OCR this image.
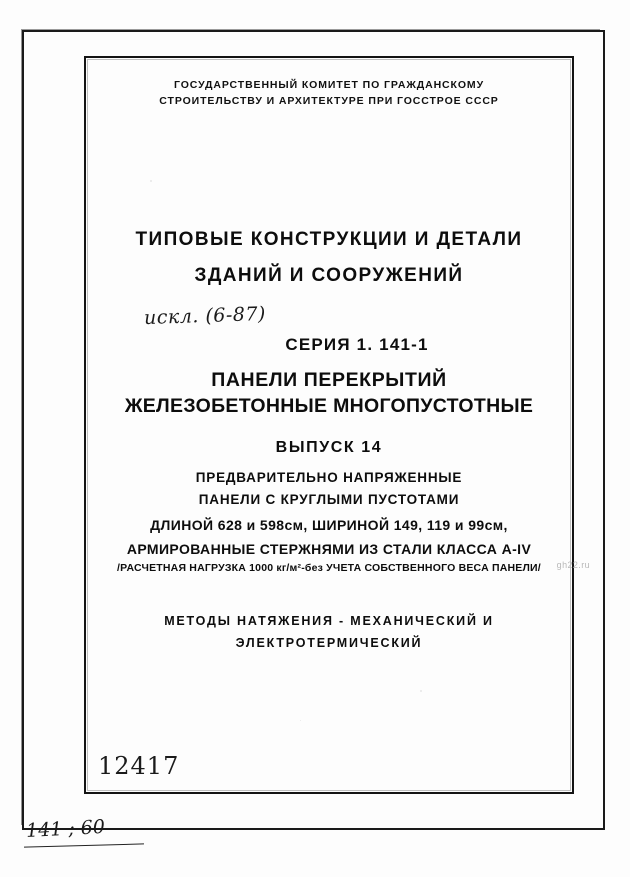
ГОСУДАРСТВЕННЫЙ КОМИТЕТ ПО ГРАЖДАНСКОМУ
СТРОИТЕЛЬСТВУ И АРХИТЕКТУРЕ ПРИ ГОССТРОЕ СССР
ТИПОВЫЕ КОНСТРУКЦИИ И ДЕТАЛИ
ЗДАНИЙ И СООРУЖЕНИЙ
СЕРИЯ 1. 141-1
ПАНЕЛИ ПЕРЕКРЫТИЙ
ЖЕЛЕЗОБЕТОННЫЕ МНОГОПУСТОТНЫЕ
ВЫПУСК 14
ПРЕДВАРИТЕЛЬНО НАПРЯЖЕННЫЕ
ПАНЕЛИ С КРУГЛЫМИ ПУСТОТАМИ
ДЛИНОЙ 628 и 598см, ШИРИНОЙ 149, 119 и 99см,
АРМИРОВАННЫЕ СТЕРЖНЯМИ ИЗ СТАЛИ КЛАССА А-IV
/РАСЧЕТНАЯ НАГРУЗКА 1000 кг/м²-без УЧЕТА СОБСТВЕННОГО ВЕСА ПАНЕЛИ/
МЕТОДЫ НАТЯЖЕНИЯ - МЕХАНИЧЕСКИЙ И
ЭЛЕКТРОТЕРМИЧЕСКИЙ
искл. (6-87)
12417
141 ; 60
gh22.ru
